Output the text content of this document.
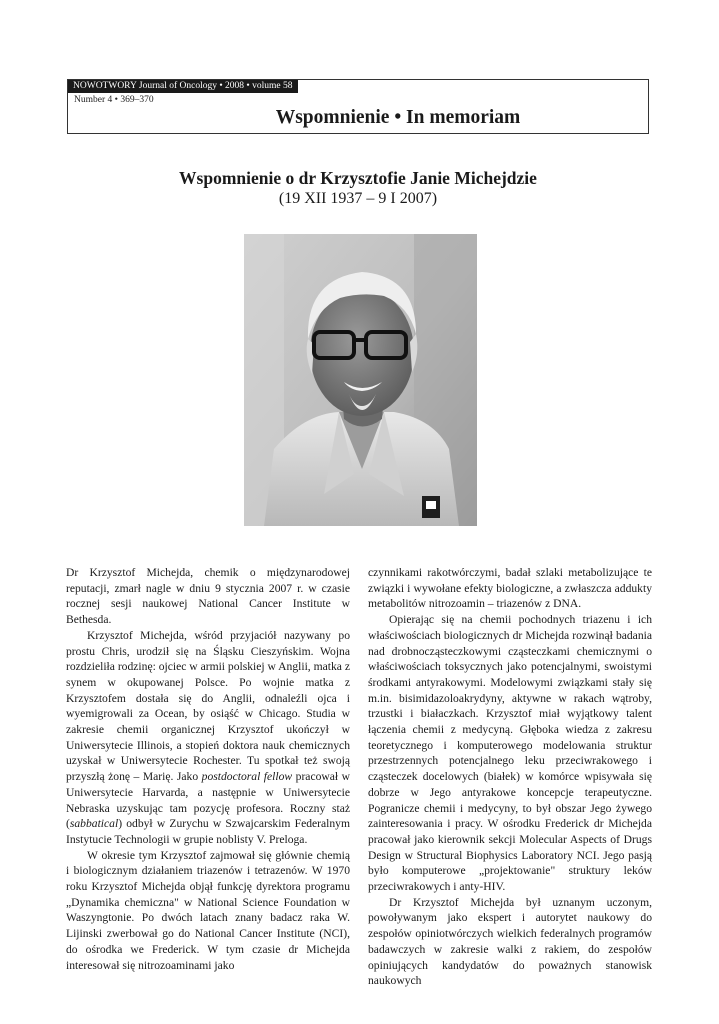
NOWOTWORY Journal of Oncology • 2008 • volume 58
Number 4 • 369–370
Wspomnienie • In memoriam
Wspomnienie o dr Krzysztofie Janie Michejdzie
(19 XII 1937 – 9 I 2007)

Dr Krzysztof Michejda, chemik o międzynarodowej reputacji, zmarł nagle w dniu 9 stycznia 2007 r. w czasie rocznej sesji naukowej National Cancer Institute w Bethesda.

Krzysztof Michejda, wśród przyjaciół nazywany po prostu Chris, urodził się na Śląsku Cieszyńskim. Wojna rozdzieliła rodzinę: ojciec w armii polskiej w Anglii, matka z synem w okupowanej Polsce. Po wojnie matka z Krzysztofem dostała się do Anglii, odnaleźli ojca i wyemigrowali za Ocean, by osiąść w Chicago. Studia w zakresie chemii organicznej Krzysztof ukończył w Uniwersytecie Illinois, a stopień doktora nauk chemicznych uzyskał w Uniwersytecie Rochester. Tu spotkał też swoją przyszłą żonę – Marię. Jako postdoctoral fellow pracował w Uniwersytecie Harvarda, a następnie w Uniwersytecie Nebraska uzyskując tam pozycję profesora. Roczny staż (sabbatical) odbył w Zurychu w Szwajcarskim Federalnym Instytucie Technologii w grupie noblisty V. Preloga.

W okresie tym Krzysztof zajmował się głównie chemią i biologicznym działaniem triazenów i tetrazenów. W 1970 roku Krzysztof Michejda objął funkcję dyrektora programu „Dynamika chemiczna" w National Science Foundation w Waszyngtonie. Po dwóch latach znany badacz raka W. Lijinski zwerbował go do National Cancer Institute (NCI), do ośrodka we Frederick. W tym czasie dr Michejda interesował się nitrozoaminami jako

czynnikami rakotwórczymi, badał szlaki metabolizujące te związki i wywołane efekty biologiczne, a zwłaszcza addukty metabolitów nitrozoamin – triazenów z DNA.

Opierając się na chemii pochodnych triazenu i ich właściwościach biologicznych dr Michejda rozwinął badania nad drobnocząsteczkowymi cząsteczkami chemicznymi o właściwościach toksycznych jako potencjalnymi, swoistymi środkami antyrakowymi. Modelowymi związkami stały się m.in. bisimidazoloakrydyny, aktywne w rakach wątroby, trzustki i białaczkach. Krzysztof miał wyjątkowy talent łączenia chemii z medycyną. Głęboka wiedza z zakresu teoretycznego i komputerowego modelowania struktur przestrzennych potencjalnego leku przeciwrakowego i cząsteczek docelowych (białek) w komórce wpisywała się dobrze w Jego antyrakowe koncepcje terapeutyczne. Pogranicze chemii i medycyny, to był obszar Jego żywego zainteresowania i pracy. W ośrodku Frederick dr Michejda pracował jako kierownik sekcji Molecular Aspects of Drugs Design w Structural Biophysics Laboratory NCI. Jego pasją było komputerowe „projektowanie" struktury leków przeciwrakowych i anty-HIV.

Dr Krzysztof Michejda był uznanym uczonym, powoływanym jako ekspert i autorytet naukowy do zespołów opiniotwórczych wielkich federalnych programów badawczych w zakresie walki z rakiem, do zespołów opiniujących kandydatów do poważnych stanowisk naukowych
